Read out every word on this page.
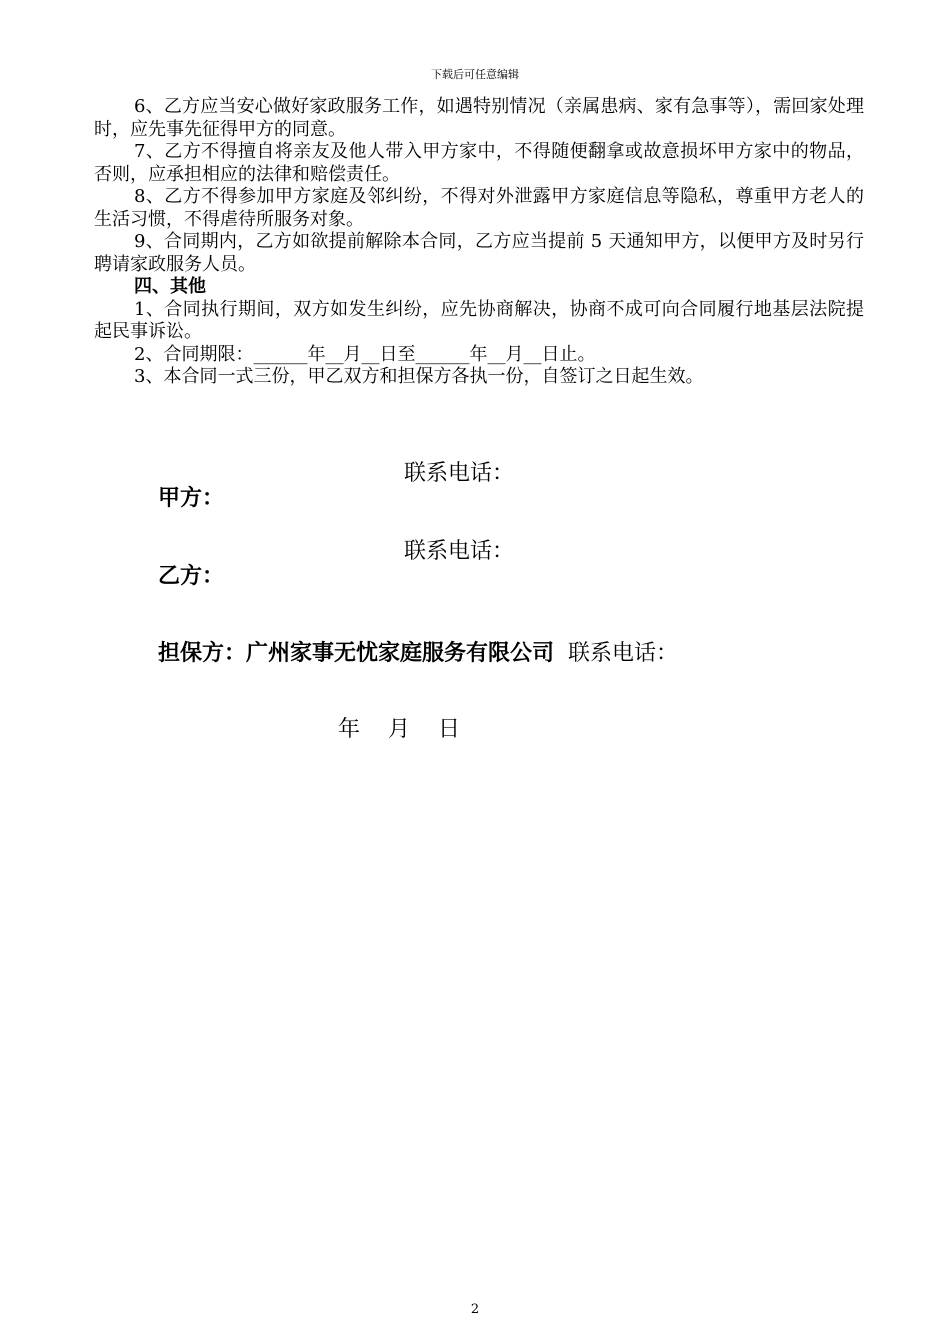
下载后可任意编辑

6、乙方应当安心做好家政服务工作，如遇特别情况（亲属患病、家有急事等），需回家处理时，应先事先征得甲方的同意。

7、乙方不得擅自将亲友及他人带入甲方家中，不得随便翻拿或故意损坏甲方家中的物品，否则，应承担相应的法律和赔偿责任。

8、乙方不得参加甲方家庭及邻纠纷，不得对外泄露甲方家庭信息等隐私，尊重甲方老人的生活习惯，不得虐待所服务对象。

9、合同期内，乙方如欲提前解除本合同，乙方应当提前 5 天通知甲方，以便甲方及时另行聘请家政服务人员。

四、其他

1、合同执行期间，双方如发生纠纷，应先协商解决，协商不成可向合同履行地基层法院提起民事诉讼。

2、合同期限：______年__月__日至______年__月__日止。

3、本合同一式三份，甲乙双方和担保方各执一份，自签订之日起生效。

甲方：

联系电话：

乙方：

联系电话：

担保方：广州家事无忧家庭服务有限公司 联系电话：

年    月    日
2
